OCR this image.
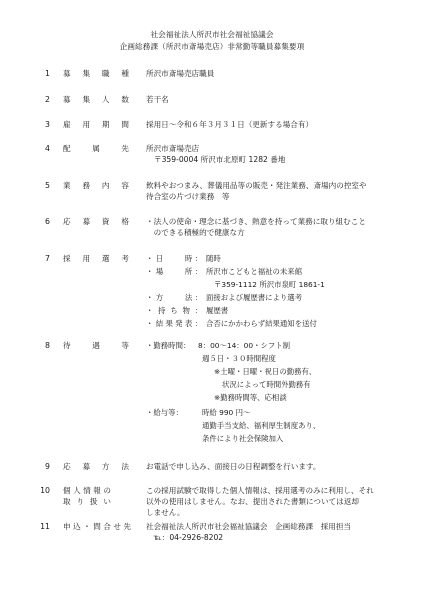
社会福祉法人所沢市社会福祉協議会
企画総務課（所沢市斎場売店）非常勤等職員募集要項
1 募集職種 所沢市斎場売店職員
2 募集人数 若干名
3 雇用期間 採用日～令和６年３月３１日（更新する場合有）
4 配属先 所沢市斎場売店
〒359-0004 所沢市北原町 1282 番地
5 業務内容 飲料やおつまみ、葬儀用品等の販売・発注業務、斎場内の控室や
待合室の片づけ業務　等
6 応募資格 ・法人の使命・理念に基づき、熱意を持って業務に取り組むこと
　のできる積極的で健康な方
7 採用選考 ・日　　時： 随時
・場　　所： 所沢市こどもと福祉の未来館
〒359-1112 所沢市泉町 1861-1
・方　　法： 面接および履歴書により選考
・持ち物： 履歴書
・結果発表： 合否にかかわらず結果通知を送付
8 待遇等 ・勤務時間： 8：00～14：00・シフト制
週５日・３０時間程度
※土曜・日曜・祝日の勤務有、
状況によって時間外勤務有
※勤務時間等、応相談
・給与等：	時給 990 円～
通勤手当支給、福利厚生制度あり、
条件により社会保険加入
9 応募方法 お電話で申し込み、面接日の日程調整を行います。
10 個人情報の
取り扱い
この採用試験で取得した個人情報は、採用選考のみに利用し、それ
以外の使用はしません。なお、提出された書類については返却
しません。
11 申込・問合せ先 社会福祉法人所沢市社会福祉協議会　企画総務課　採用担当
　℡：04-2926-8202
